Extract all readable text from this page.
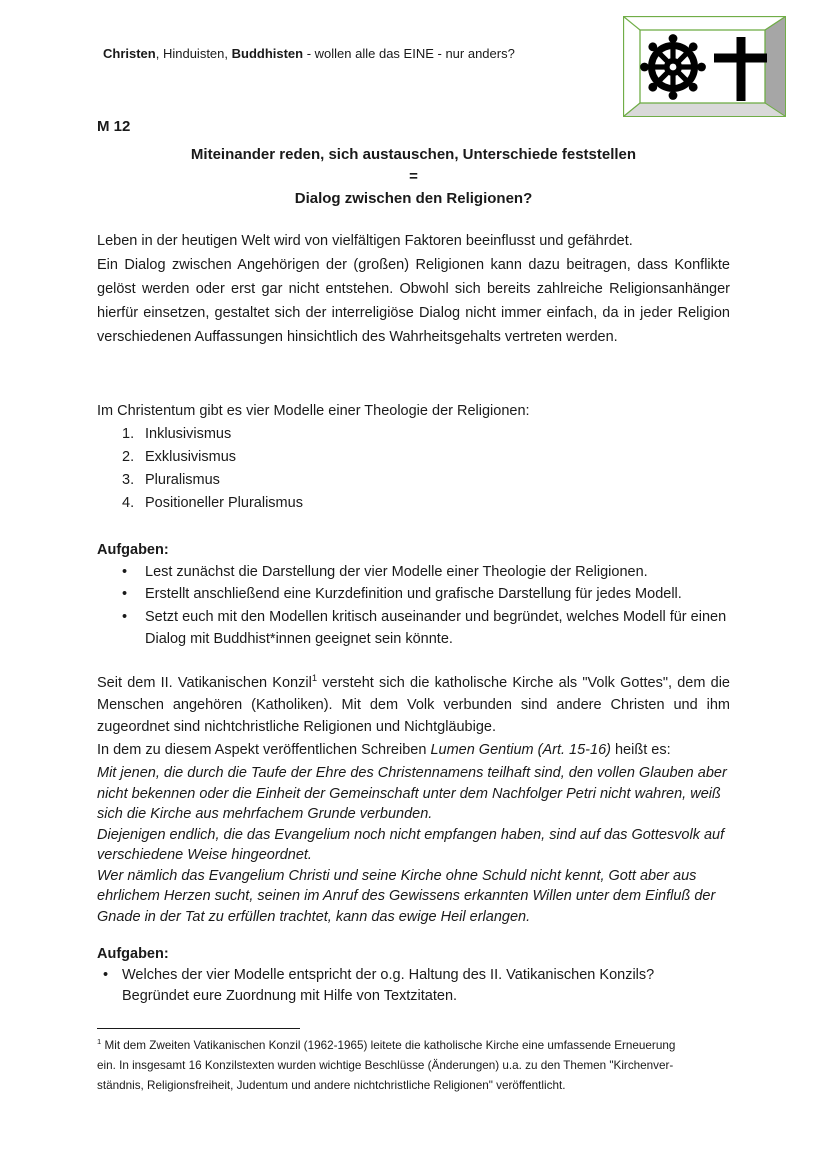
Christen, Hinduisten, Buddhisten - wollen alle das EINE - nur anders?
M 12
Miteinander reden, sich austauschen, Unterschiede feststellen
=
Dialog zwischen den Religionen?
Leben in der heutigen Welt wird von vielfältigen Faktoren beeinflusst und gefährdet.
Ein Dialog zwischen Angehörigen der (großen) Religionen kann dazu beitragen, dass Konflikte gelöst werden oder erst gar nicht entstehen. Obwohl sich bereits zahlreiche Religionsanhänger hierfür einsetzen, gestaltet sich der interreligiöse Dialog nicht immer einfach, da in jeder Religion verschiedenen Auffassungen hinsichtlich des Wahrheitsgehalts vertreten werden.
Im Christentum gibt es vier Modelle einer Theologie der Religionen:
1. Inklusivismus
2. Exklusivismus
3. Pluralismus
4. Positioneller Pluralismus
Aufgaben:
•	Lest zunächst die Darstellung der vier Modelle einer Theologie der Religionen.
•	Erstellt anschließend eine Kurzdefinition und grafische Darstellung für jedes Modell.
•	Setzt euch mit den Modellen kritisch auseinander und begründet, welches Modell für einen Dialog mit Buddhist*innen geeignet sein könnte.
Seit dem II. Vatikanischen Konzil$^1$ versteht sich die katholische Kirche als "Volk Gottes", dem die Menschen angehören (Katholiken). Mit dem Volk verbunden sind andere Christen und ihm zugeordnet sind nichtchristliche Religionen und Nichtgläubige.
In dem zu diesem Aspekt veröffentlichen Schreiben Lumen Gentium (Art. 15-16) heißt es:
Mit jenen, die durch die Taufe der Ehre des Christennamens teilhaft sind, den vollen Glauben aber nicht bekennen oder die Einheit der Gemeinschaft unter dem Nachfolger Petri nicht wahren, weiß sich die Kirche aus mehrfachem Grunde verbunden.
Diejenigen endlich, die das Evangelium noch nicht empfangen haben, sind auf das Gottesvolk auf verschiedene Weise hingeordnet.
Wer nämlich das Evangelium Christi und seine Kirche ohne Schuld nicht kennt, Gott aber aus ehrlichem Herzen sucht, seinen im Anruf des Gewissens erkannten Willen unter dem Einfluß der Gnade in der Tat zu erfüllen trachtet, kann das ewige Heil erlangen.
Aufgaben:
• Welches der vier Modelle entspricht der o.g. Haltung des II. Vatikanischen Konzils?
Begründet eure Zuordnung mit Hilfe von Textzitaten.
$^1$ Mit dem Zweiten Vatikanischen Konzil (1962-1965) leitete die katholische Kirche eine umfassende Erneuerung
ein. In insgesamt 16 Konzilstexten wurden wichtige Beschlüsse (Änderungen) u.a. zu den Themen "Kirchenver-
ständnis, Religionsfreiheit, Judentum und andere nichtchristliche Religionen" veröffentlicht.
